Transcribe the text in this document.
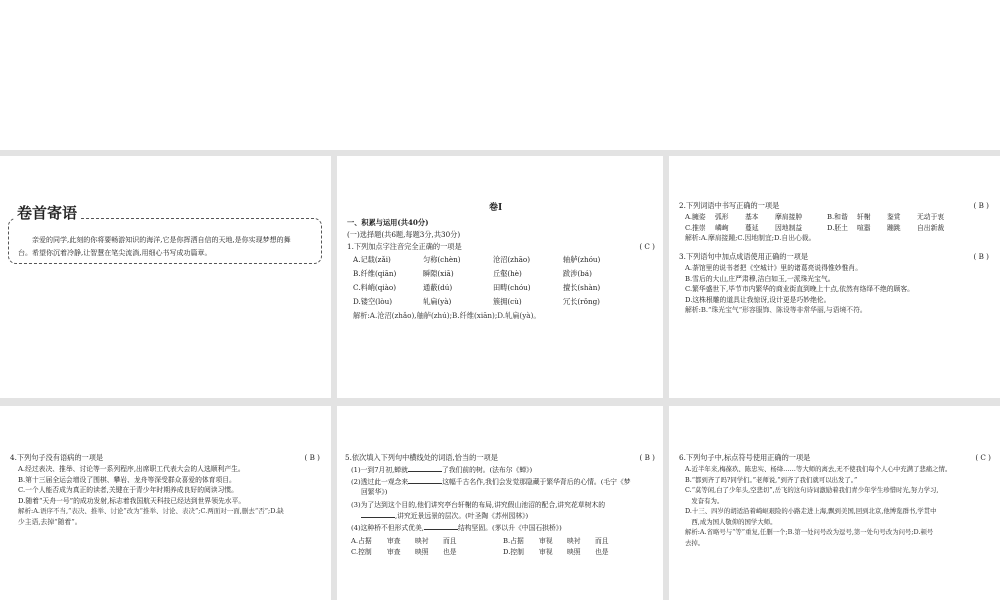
卷首寄语
亲爱的同学,此刻的你将要畅游知识的海洋,它是你挥洒自信的天地,是你实现梦想的舞
台。希望你沉着冷静,让智慧在笔尖流淌,用细心书写成功篇章。
卷Ⅰ
一、积累与运用(共40分)
(一)选择题(共6题,每题3分,共30分)
1.下列加点字注音完全正确的一项是	( C )
A.记载(zǎi)	匀称(chèn)	沧沼(zhāo)	轴舻(zhóu)
B.纤维(qiān)	瞬隙(xiā)	丘壑(hè)	跋涉(bá)
C.料峭(qiào)	通蔽(dú)	田畴(chóu)	擅长(shàn)
D.镂空(lòu)	轧扁(yà)	簇拥(cù)	冗长(rǒng)
解析:A.沧沼(zhǎo),舳舻(zhú);B.纤维(xiān);D.轧扁(yà)。
2.下列词语中书写正确的一项是	( B )
A.臃姿	弧形	基本	摩肩接肿	B.和谐	轩榭	鉴赏	无动于衷
C.推崇	嶙峋	蔓延	因地制益	D.胚土	喧嚣	蹦跳	自出新裁
解析:A.摩肩接踵;C.因地制宜;D.自出心裁。
3.下列语句中加点成语使用正确的一项是	( B )
A.荼馆里的说书者把《空城计》里的诸葛亮说得惟妙惟肖。
B.雪后的大山,庄严肃穆,洁白如玉,一派珠光宝气。
C.繁华盛世下,毕节市内繁华的商业街直到晚上十点,依然有络绎不绝的顾客。
D.这株根雕的道具让我惊讶,设计更是巧妙绝伦。
解析:B.“珠光宝气”形容服饰、陈设等非常华丽,与语境不符。
4.下列句子没有语病的一项是	( B )
A.经过表决、推举、讨论等一系列程序,出席职工代表大会的人选顺利产生。
B.第十三届全运会增设了围棋、攀岩、龙舟等深受群众喜爱的体育项目。
C.一个人能否成为真正的读者,关键在于青少年时期养成良好的阅读习惯。
D.随着“天舟一号”的成功发射,标志着我国航天科技已经达到世界领先水平。
解析:A.语序不当,“表决、推举、讨论”改为“推举、讨论、表决”;C.两面对一面,删去“否”;D.缺
少主语,去掉“随着”。
5.依次填入下列句中横线处的词语,恰当的一项是	( B )
(1)一到7月初,蝉就	了我们前的树。(法布尔《蝉》)
(2)透过此一观念来	这幅千古名作,我们会发觉那隐藏于繁华背后的心情。(毛宁《梦
回繁华》)
(3)为了达到这个目的,他们讲究亭台轩榭的布局,讲究假山池沼的配合,讲究花草树木的
,讲究近景远景的层次。(叶圣陶《苏州园林》)
(4)这种桥不但形式优美,	结构坚固。(茅以升《中国石拱桥》)
A.占据	审查	映衬	而且	B.占据	审视	映衬	而且
C.控制	审查	映照	也是	D.控制	审视	映照	也是
6.下列句子中,标点符号使用正确的一项是	( C )
A.近半年来,梅葆玖、陈忠实、杨绛……等大师的离去,无不使我们每个人心中充满了悲痛之情。
B.“都到齐了吗?同学们。”老师说,“到齐了我们就可以出发了。”
C.“莫等闲,白了少年头,空悲切”,岳飞的这句诗词激励着我们青少年学生珍惜时光,努力学习,
　发奋有为。
D.十三、四岁的胡适沿着崎岖艰险的小路走进上海,飘到美国,回到北京,他博览群书,学贯中
　西,成为国人敬仰的国学大师。
解析:A.省略号与“等”重复,任删一个;B.第一处问号改为逗号,第一处句号改为问号;D.顿号
去掉。
